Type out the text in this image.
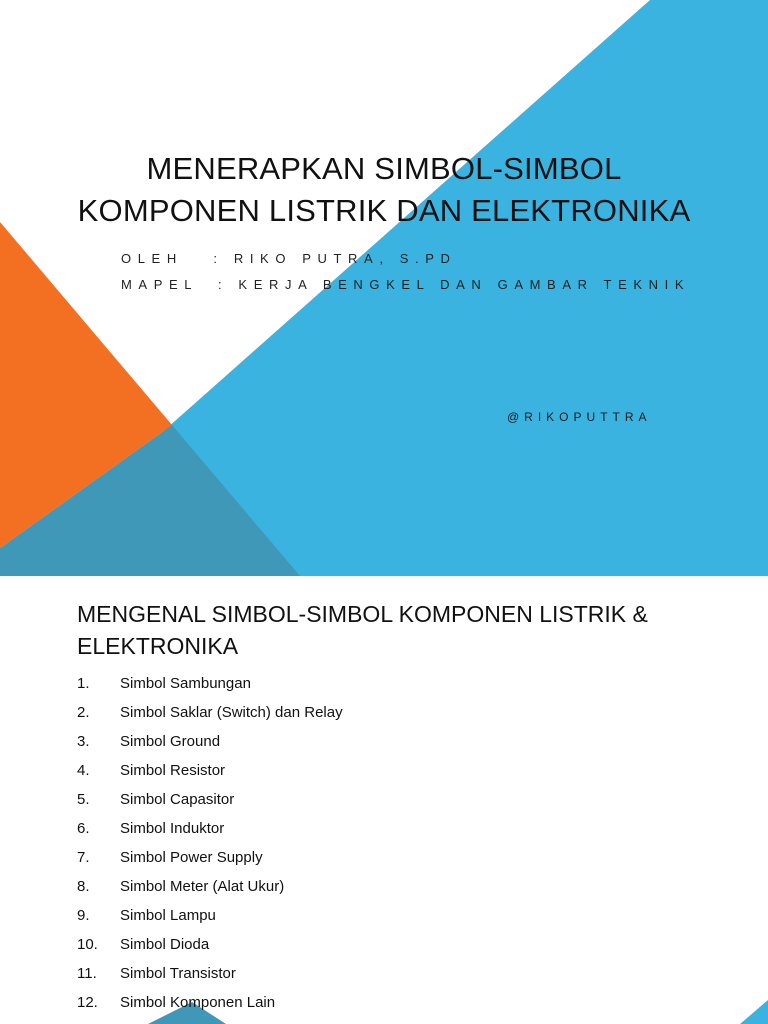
MENERAPKAN SIMBOL-SIMBOL
KOMPONEN LISTRIK DAN ELEKTRONIKA

OLEH   : RIKO PUTRA, S.PD

MAPEL  : KERJA BENGKEL DAN GAMBAR TEKNIK

@RIKOPUTTRA

MENGENAL SIMBOL-SIMBOL KOMPONEN LISTRIK & ELEKTRONIKA
1. Simbol Sambungan
2. Simbol Saklar (Switch) dan Relay
3. Simbol Ground
4. Simbol Resistor
5. Simbol Capasitor
6. Simbol Induktor
7. Simbol Power Supply
8. Simbol Meter (Alat Ukur)
9. Simbol Lampu
10. Simbol Dioda
11. Simbol Transistor
12. Simbol Komponen Lain
